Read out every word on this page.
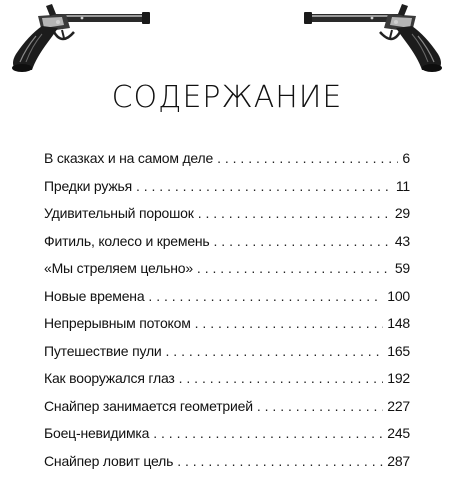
СОДЕРЖАНИЕ
В сказках и на самом деле . . .	6
Предки ружья . . .	11
Удивительный порошок . . .	29
Фитиль, колесо и кремень . . .	43
«Мы стреляем цельно» . . .	59
Новые времена . . .	100
Непрерывным потоком . . .	148
Путешествие пули . . .	165
Как вооружался глаз . . .	192
Снайпер занимается геометрией . . .	227
Боец-невидимка . . .	245
Снайпер ловит цель . . .	287
